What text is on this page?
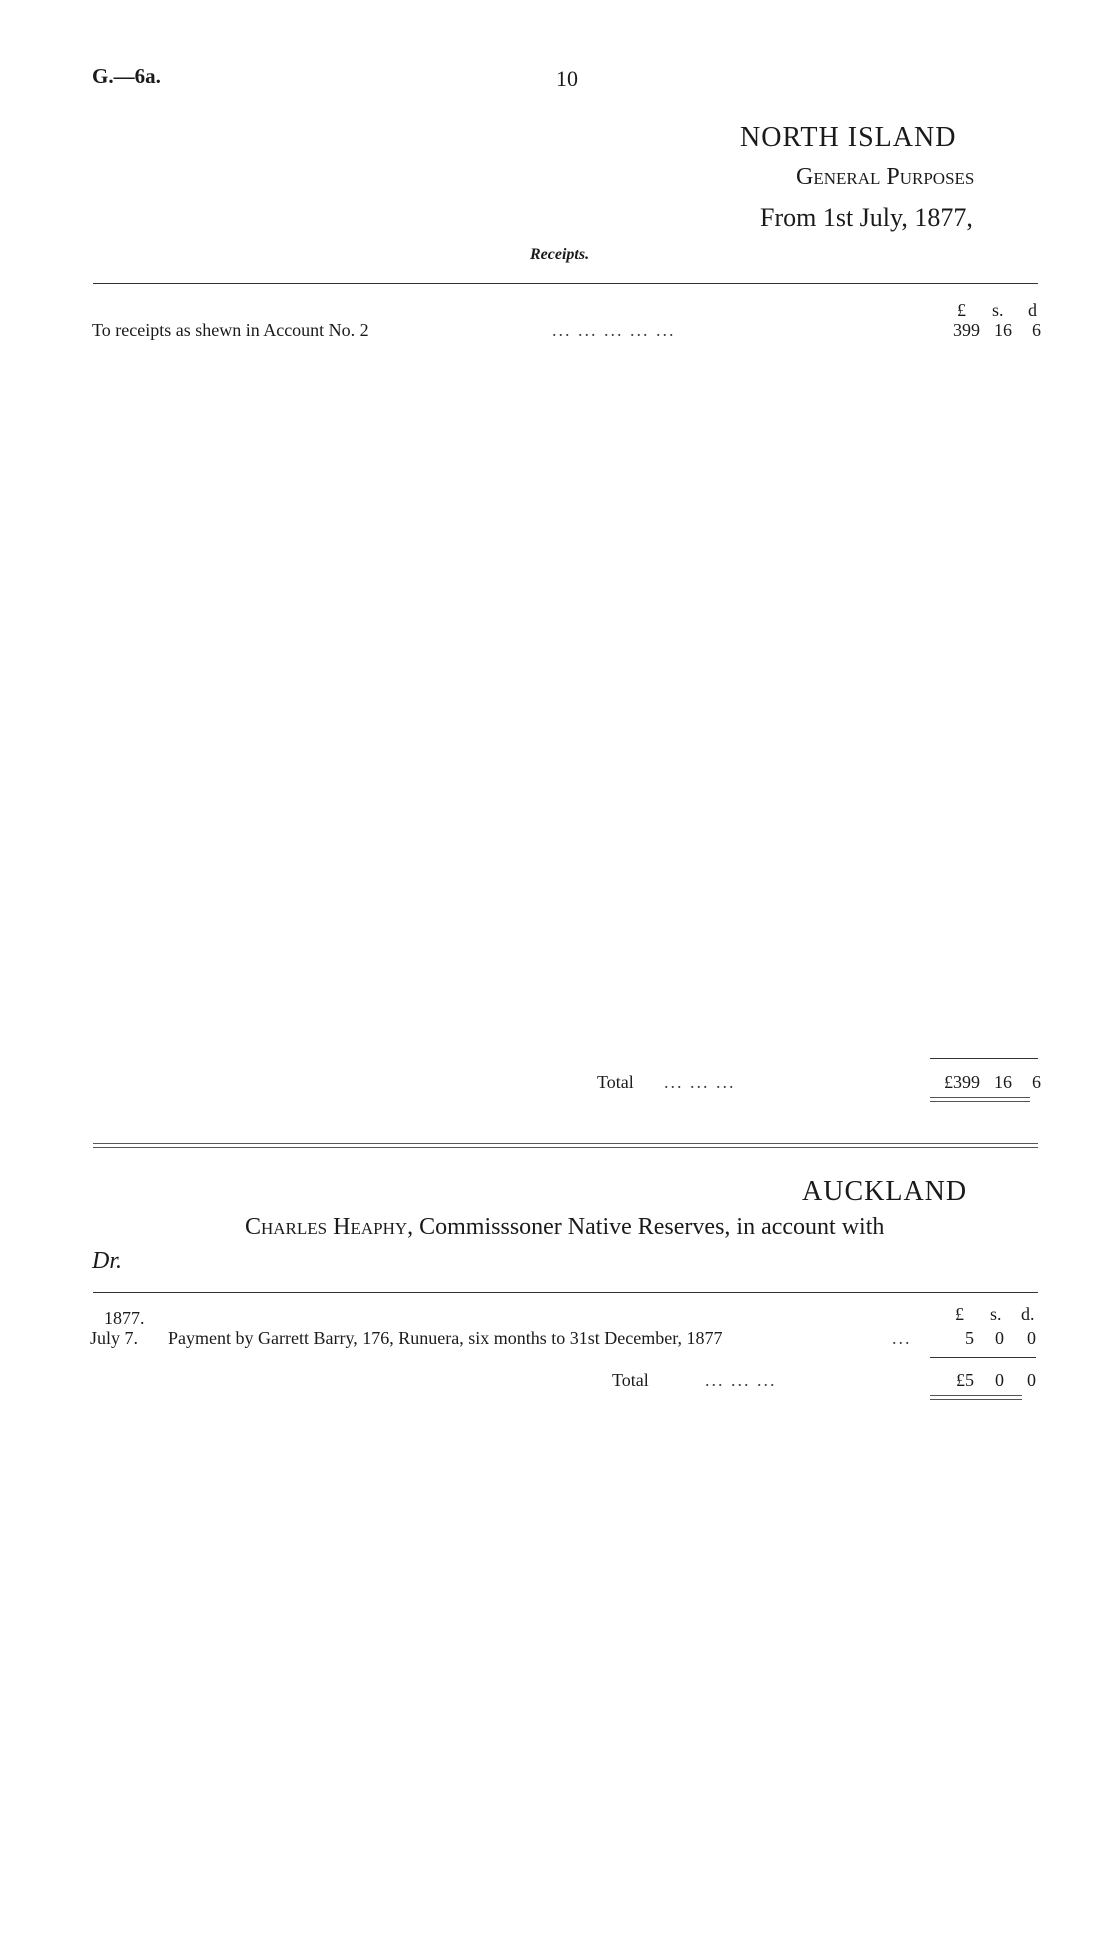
G.—6a.	10
NORTH ISLAND
General Purposes
From 1st July, 1877,
Receipts.
£ s. d
To receipts as shewn in Account No. 2	... ... ... ... ...	399 16	6
Total ... ... ...	£399 16	6
AUCKLAND
Charles Heaphy, Commisssoner Native Reserves, in account with
Dr.
1877.	£ s. d.
July 7. Payment by Garrett Barry, 176, Runuera, six months to 31st December, 1877	...	5	0	0
Total	... ... ...	£5	0	0
